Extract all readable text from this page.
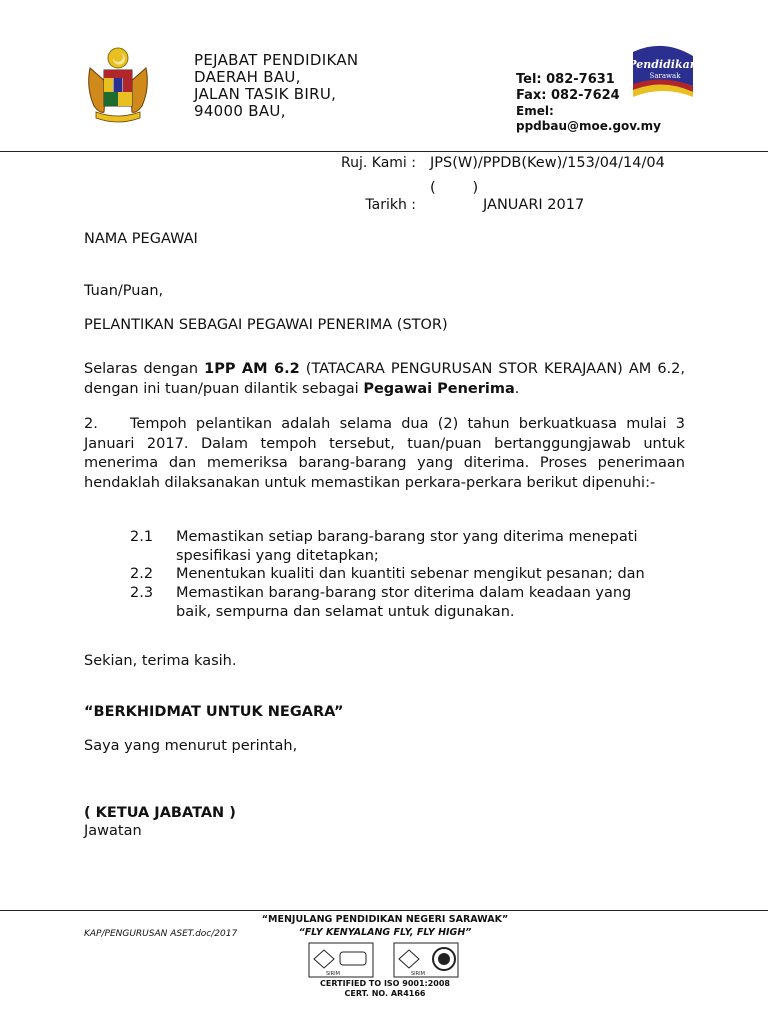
PEJABAT PENDIDIKAN
DAERAH BAU,
JALAN TASIK BIRU,
94000 BAU,
Tel: 082-7631
Fax: 082-7624
Emel:
ppdbau@moe.gov.my
Pendidikan
Sarawak
Ruj. Kami : JPS(W)/PPDB(Kew)/153/04/14/04
(        )
Tarikh :	JANUARI 2017
NAMA PEGAWAI
Tuan/Puan,
PELANTIKAN SEBAGAI PEGAWAI PENERIMA (STOR)
Selaras dengan 1PP AM 6.2 (TATACARA PENGURUSAN STOR KERAJAAN) AM 6.2, dengan ini tuan/puan dilantik sebagai Pegawai Penerima.
2. Tempoh pelantikan adalah selama dua (2) tahun berkuatkuasa mulai 3 Januari 2017. Dalam tempoh tersebut, tuan/puan bertanggungjawab untuk menerima dan memeriksa barang-barang yang diterima. Proses penerimaan hendaklah dilaksanakan untuk memastikan perkara-perkara berikut dipenuhi:-
2.1 Memastikan setiap barang-barang stor yang diterima menepati
spesifikasi yang ditetapkan;
2.2 Menentukan kualiti dan kuantiti sebenar mengikut pesanan; dan
2.3 Memastikan barang-barang stor diterima dalam keadaan yang
baik, sempurna dan selamat untuk digunakan.
Sekian, terima kasih.
“BERKHIDMAT UNTUK NEGARA”
Saya yang menurut perintah,
( KETUA JABATAN )
Jawatan
KAP/PENGURUSAN ASET.doc/2017
“MENJULANG PENDIDIKAN NEGERI SARAWAK”
“FLY KENYALANG FLY, FLY HIGH”
SIRIM	SIRIM
CERTIFIED TO ISO 9001:2008
CERT. NO. AR4166
